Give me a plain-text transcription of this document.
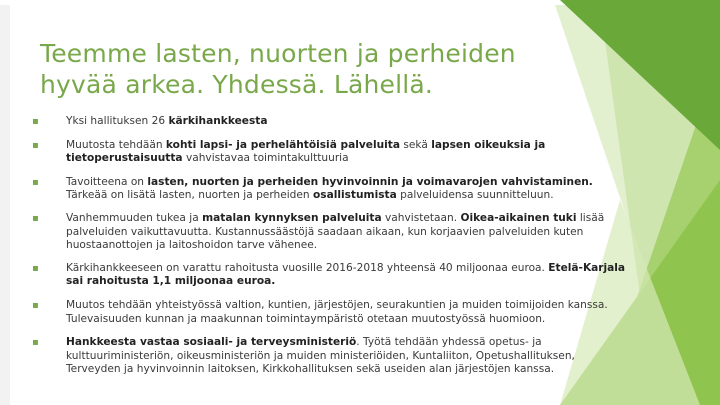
Teemme lasten, nuorten ja perheiden
hyvää arkea. Yhdessä. Lähellä.
▪ Yksi hallituksen 26 kärkihankkeesta
▪ Muutosta tehdään kohti lapsi- ja perhelähtöisiä palveluita sekä lapsen oikeuksia ja tietoperustaisuutta vahvistavaa toimintakulttuuria
▪ Tavoitteena on lasten, nuorten ja perheiden hyvinvoinnin ja voimavarojen vahvistaminen. Tärkeää on lisätä lasten, nuorten ja perheiden osallistumista palveluidensa suunnitteluun.
▪ Vanhemmuuden tukea ja matalan kynnyksen palveluita vahvistetaan. Oikea-aikainen tuki lisää palveluiden vaikuttavuutta. Kustannussäästöjä saadaan aikaan, kun korjaavien palveluiden kuten huostaanottojen ja laitoshoidon tarve vähenee.
▪ Kärkihankkeeseen on varattu rahoitusta vuosille 2016-2018 yhteensä 40 miljoonaa euroa. Etelä-Karjala sai rahoitusta 1,1 miljoonaa euroa.
▪ Muutos tehdään yhteistyössä valtion, kuntien, järjestöjen, seurakuntien ja muiden toimijoiden kanssa. Tulevaisuuden kunnan ja maakunnan toimintaympäristö otetaan muutostyössä huomioon.
▪ Hankkeesta vastaa sosiaali- ja terveysministeriö. Työtä tehdään yhdessä opetus- ja kulttuuriministeriön, oikeusministeriön ja muiden ministeriöiden, Kuntaliiton, Opetushallituksen, Terveyden ja hyvinvoinnin laitoksen, Kirkkohallituksen sekä useiden alan järjestöjen kanssa.
